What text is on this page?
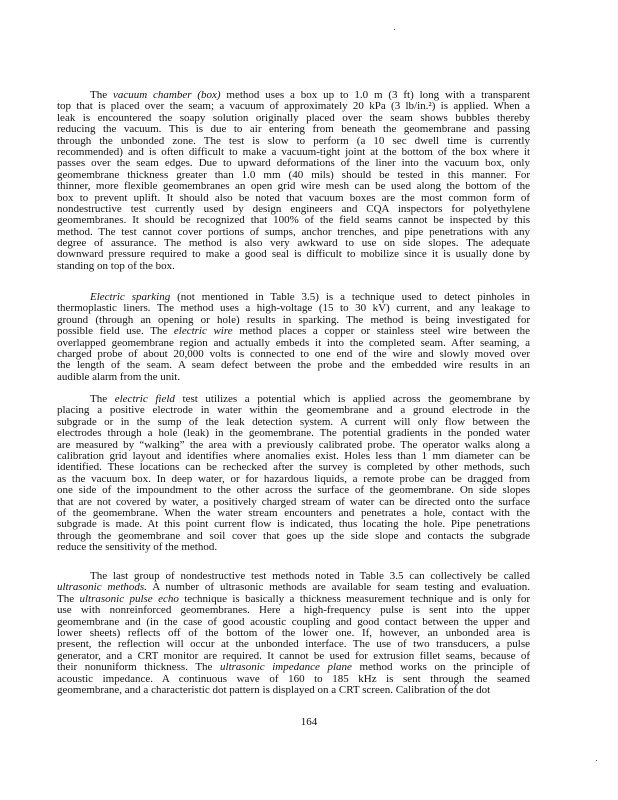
The vacuum chamber (box) method uses a box up to 1.0 m (3 ft) long with a transparent
top that is placed over the seam; a vacuum of approximately 20 kPa (3 lb/in.²) is applied. When a
leak is encountered the soapy solution originally placed over the seam shows bubbles thereby
reducing the vacuum. This is due to air entering from beneath the geomembrane and passing
through the unbonded zone. The test is slow to perform (a 10 sec dwell time is currently
recommended) and is often difficult to make a vacuum-tight joint at the bottom of the box where it
passes over the seam edges. Due to upward deformations of the liner into the vacuum box, only
geomembrane thickness greater than 1.0 mm (40 mils) should be tested in this manner. For
thinner, more flexible geomembranes an open grid wire mesh can be used along the bottom of the
box to prevent uplift. It should also be noted that vacuum boxes are the most common form of
nondestructive test currently used by design engineers and CQA inspectors for polyethylene
geomembranes. It should be recognized that 100% of the field seams cannot be inspected by this
method. The test cannot cover portions of sumps, anchor trenches, and pipe penetrations with any
degree of assurance. The method is also very awkward to use on side slopes. The adequate
downward pressure required to make a good seal is difficult to mobilize since it is usually done by
standing on top of the box.
Electric sparking (not mentioned in Table 3.5) is a technique used to detect pinholes in
thermoplastic liners. The method uses a high-voltage (15 to 30 kV) current, and any leakage to
ground (through an opening or hole) results in sparking. The method is being investigated for
possible field use. The electric wire method places a copper or stainless steel wire between the
overlapped geomembrane region and actually embeds it into the completed seam. After seaming, a
charged probe of about 20,000 volts is connected to one end of the wire and slowly moved over
the length of the seam. A seam defect between the probe and the embedded wire results in an
audible alarm from the unit.
The electric field test utilizes a potential which is applied across the geomembrane by
placing a positive electrode in water within the geomembrane and a ground electrode in the
subgrade or in the sump of the leak detection system. A current will only flow between the
electrodes through a hole (leak) in the geomembrane. The potential gradients in the ponded water
are measured by “walking” the area with a previously calibrated probe. The operator walks along a
calibration grid layout and identifies where anomalies exist. Holes less than 1 mm diameter can be
identified. These locations can be rechecked after the survey is completed by other methods, such
as the vacuum box. In deep water, or for hazardous liquids, a remote probe can be dragged from
one side of the impoundment to the other across the surface of the geomembrane. On side slopes
that are not covered by water, a positively charged stream of water can be directed onto the surface
of the geomembrane. When the water stream encounters and penetrates a hole, contact with the
subgrade is made. At this point current flow is indicated, thus locating the hole. Pipe penetrations
through the geomembrane and soil cover that goes up the side slope and contacts the subgrade
reduce the sensitivity of the method.
The last group of nondestructive test methods noted in Table 3.5 can collectively be called
ultrasonic methods. A number of ultrasonic methods are available for seam testing and evaluation.
The ultrasonic pulse echo technique is basically a thickness measurement technique and is only for
use with nonreinforced geomembranes. Here a high-frequency pulse is sent into the upper
geomembrane and (in the case of good acoustic coupling and good contact between the upper and
lower sheets) reflects off of the bottom of the lower one. If, however, an unbonded area is
present, the reflection will occur at the unbonded interface. The use of two transducers, a pulse
generator, and a CRT monitor are required. It cannot be used for extrusion fillet seams, because of
their nonuniform thickness. The ultrasonic impedance plane method works on the principle of
acoustic impedance. A continuous wave of 160 to 185 kHz is sent through the seamed
geomembrane, and a characteristic dot pattern is displayed on a CRT screen. Calibration of the dot
164
